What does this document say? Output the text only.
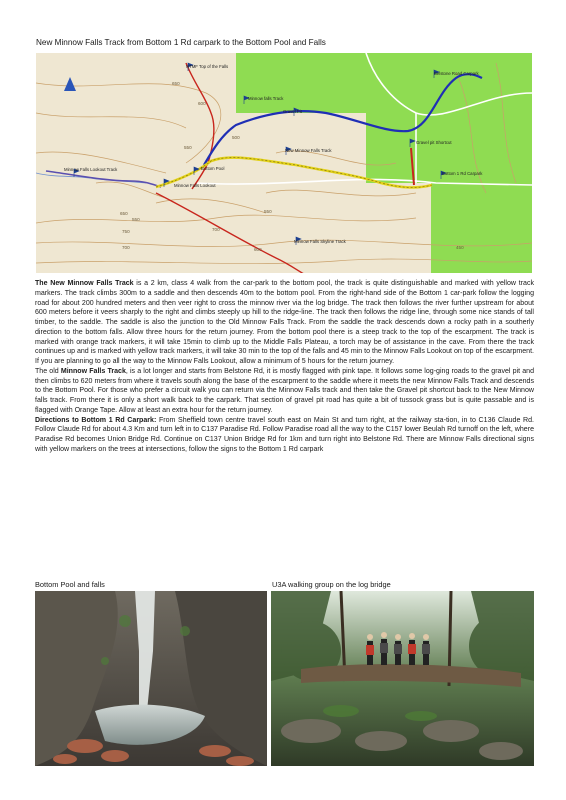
New Minnow Falls Track from Bottom 1 Rd carpark to the Bottom Pool and Falls
NTMF Top of the Falls
Belstone Road Carpark
Minnow falls Track
Gravel Pit
New Minnow Falls Track
Gravel pit Shortcut
Bottom 1 Rd Carpark
Bottom Pool
Minnow Falls Lookout Track
Minnow Falls Lookout
Minnow Falls Skyline Track
650
600
550
500
550
750
700
700
650
600
550
450

The New Minnow Falls Track is a 2 km, class 4 walk from the car-park to the bottom pool, the track is quite distinguishable and marked with yellow track markers. The track climbs 300m to a saddle and then descends 40m to the bottom pool. From the right-hand side of the Bottom 1 car-park follow the logging road for about 200 hundred meters and then veer right to cross the minnow river via the log bridge. The track then follows the river further upstream for about 600 meters before it veers sharply to the right and climbs steeply up hill to the ridge-line. The track then follows the ridge line, through some nice stands of tall timber, to the saddle. The saddle is also the junction to the Old Minnow Falls Track. From the saddle the track descends down a rocky path in a southerly direction to the bottom falls. Allow three hours for the return journey. From the bottom pool there is a steep track to the top of the escarpment. The track is marked with orange track markers, it will take 15min to climb up to the Middle Falls Plateau, a torch may be of assistance in the cave. From there the track continues up and is marked with yellow track markers, it will take 30 min to the top of the falls and 45 min to the Minnow Falls Lookout on top of the escarpment. If you are planning to go all the way to the Minnow Falls Lookout, allow a minimum of 5 hours for the return journey.

The old Minnow Falls Track, is a lot longer and starts from Belstone Rd, it is mostly flagged with pink tape. It follows some log-ging roads to the gravel pit and then climbs to 620 meters from where it travels south along the base of the escarpment to the saddle where it meets the new Minnow Falls Track and descends to the Bottom Pool. For those who prefer a circuit walk you can return via the Minnow Falls track and then take the Gravel pit shortcut back to the New Minnow falls track. From there it is only a short walk back to the carpark. That section of gravel pit road has quite a bit of tussock grass but is quite passable and is flagged with Orange Tape. Allow at least an extra hour for the return journey.

Directions to Bottom 1 Rd Carpark: From Sheffield town centre travel south east on Main St and turn right, at the railway sta-tion, in to C136 Claude Rd. Follow Claude Rd for about 4.3 Km and turn left in to C137 Paradise Rd. Follow Paradise road all the way to the C157 lower Beulah Rd turnoff on the left, where Paradise Rd becomes Union Bridge Rd. Continue on C137 Union Bridge Rd for 1km and turn right into Belstone Rd. There are Minnow Falls directional signs with yellow markers on the trees at intersections, follow the signs to the Bottom 1 Rd carpark

Bottom Pool and falls	U3A walking group on the log bridge
